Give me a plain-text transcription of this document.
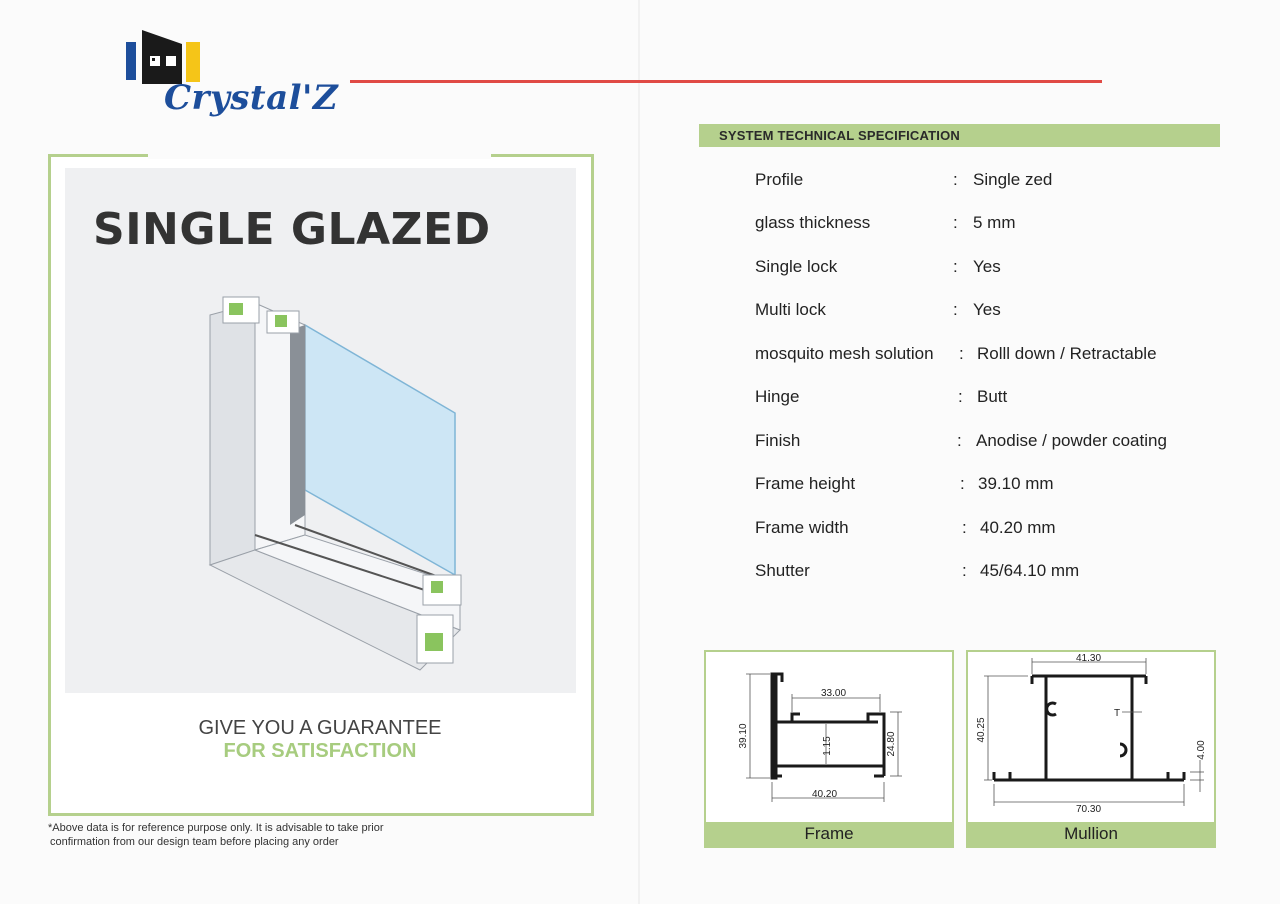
Crystal'Z
SINGLE GLAZED
GIVE YOU A GUARANTEE
FOR SATISFACTION
*Above data is for reference purpose only. It is advisable to take prior
confirmation from our design team before placing any order
SYSTEM TECHNICAL SPECIFICATION
Profile	: Single zed
glass thickness	: 5 mm
Single lock	: Yes
Multi lock	: Yes
mosquito mesh solution : Rolll down / Retractable
Hinge	: Butt
Finish	: Anodise / powder coating
Frame height	: 39.10 mm
Frame width	: 40.20 mm
Shutter	: 45/64.10 mm
33.00
39.10	1.15	24.80
40.20
Frame
41.30
40.25
T
4.00
70.30
Mullion
